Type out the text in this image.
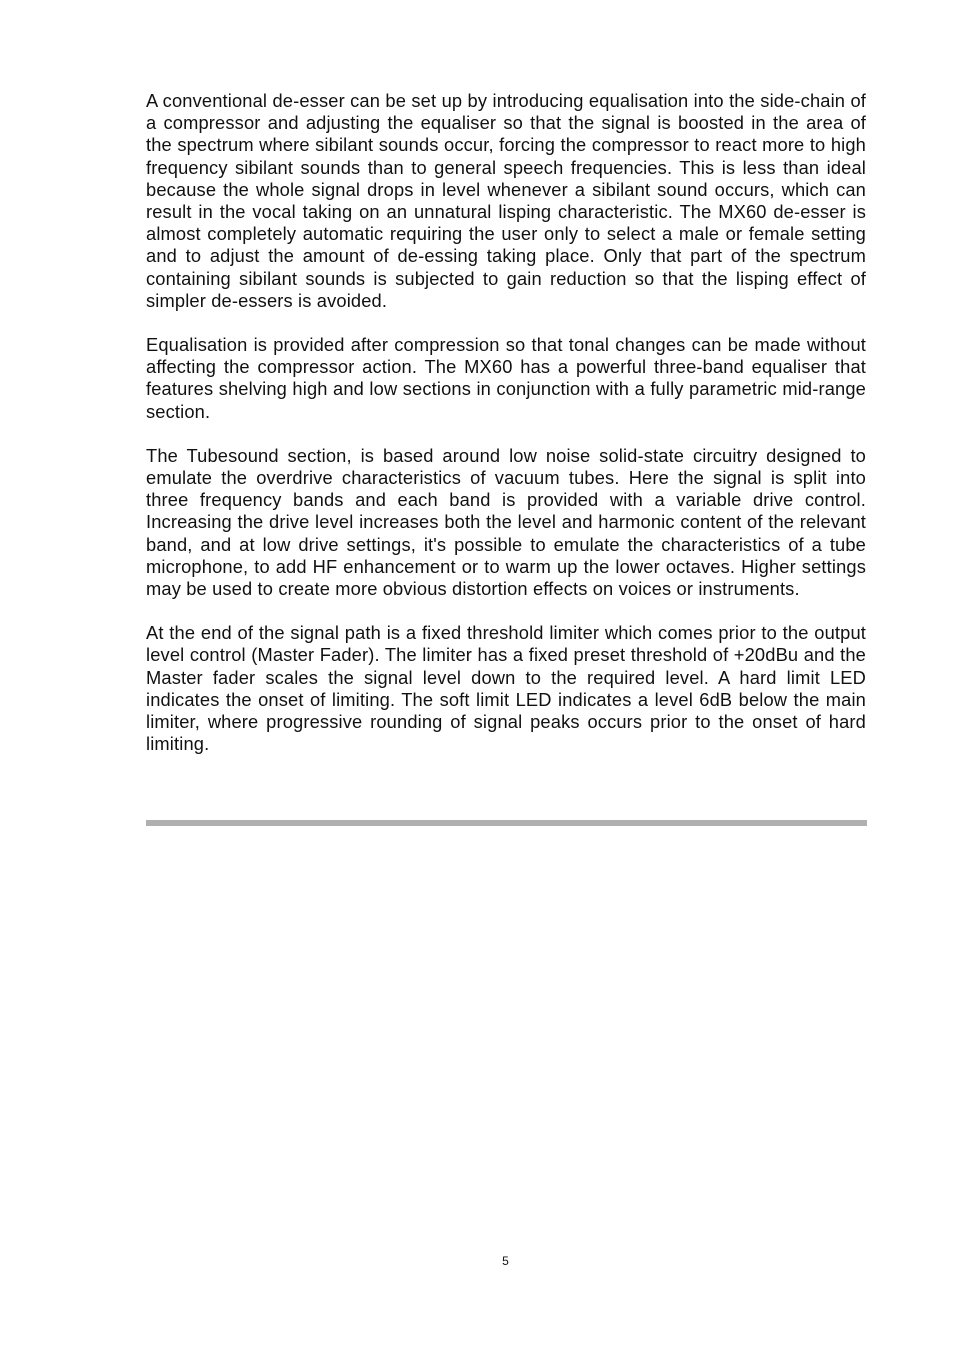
A conventional de-esser can be set up by introducing equalisation into the side-chain of a compressor and adjusting the equaliser so that the signal is boosted in the area of the spectrum where sibilant sounds occur, forcing the compressor to react more to high frequency sibilant sounds than to general speech frequencies. This is less than ideal because the whole signal drops in level whenever a sibilant sound occurs, which can result in the vocal taking on an unnatural lisping characteristic. The MX60 de-esser is almost completely automatic requiring the user only to select a male or female setting and to adjust the amount of de-essing taking place. Only that part of the spectrum containing sibilant sounds is subjected to gain reduction so that the lisping effect of simpler de-essers is avoided.

Equalisation is provided after compression so that tonal changes can be made without affecting the compressor action. The MX60 has a powerful three-band equaliser that features shelving high and low sections in conjunction with a fully parametric mid-range section.

The Tubesound section, is based around low noise solid-state circuitry designed to emulate the overdrive characteristics of vacuum tubes. Here the signal is split into three frequency bands and each band is provided with a variable drive control. Increasing the drive level increases both the level and harmonic content of the relevant band, and at low drive settings, it's possible to emulate the characteristics of a tube microphone, to add HF enhancement or to warm up the lower octaves. Higher settings may be used to create more obvious distortion effects on voices or instruments.

At the end of the signal path is a fixed threshold limiter which comes prior to the output level control (Master Fader). The limiter has a fixed preset threshold of +20dBu and the Master fader scales the signal level down to the required level. A hard limit LED indicates the onset of limiting. The soft limit LED indicates a level 6dB below the main limiter, where progressive rounding of signal peaks occurs prior to the onset of hard limiting.

5
